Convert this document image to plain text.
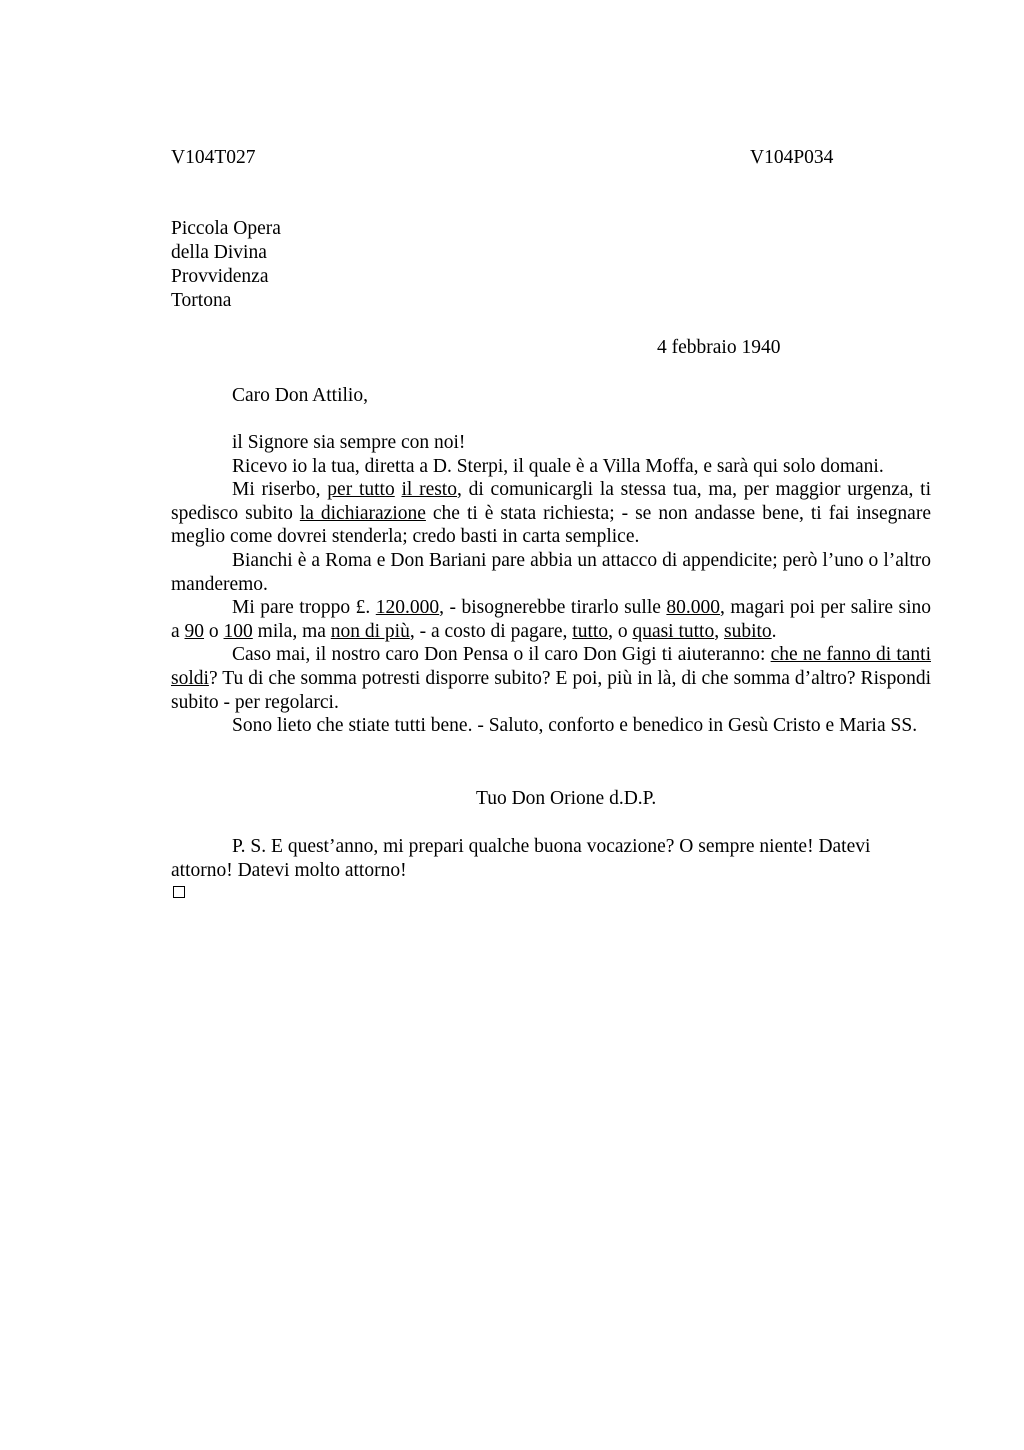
V104T027	V104P034
Piccola Opera
della Divina
Provvidenza
Tortona
4 febbraio 1940
Caro Don Attilio,

il Signore sia sempre con noi!

Ricevo io la tua, diretta a D. Sterpi, il quale è a Villa Moffa, e sarà qui solo domani.

Mi riserbo, per tutto il resto, di comunicargli la stessa tua, ma, per maggior urgenza, ti spedisco subito la dichiarazione che ti è stata richiesta; - se non andasse bene, ti fai insegnare meglio come dovrei stenderla; credo basti in carta semplice.

Bianchi è a Roma e Don Bariani pare abbia un attacco di appendicite; però l’uno o l’altro manderemo.

Mi pare troppo £. 120.000, - bisognerebbe tirarlo sulle 80.000, magari poi per salire sino a 90 o 100 mila, ma non di più, - a costo di pagare, tutto, o quasi tutto, subito.

Caso mai, il nostro caro Don Pensa o il caro Don Gigi ti aiuteranno: che ne fanno di tanti soldi? Tu di che somma potresti disporre subito? E poi, più in là, di che somma d’altro? Rispondi subito - per regolarci.

Sono lieto che stiate tutti bene. - Saluto, conforto e benedico in Gesù Cristo e Maria SS.

Tuo Don Orione d.D.P.

P. S. E quest’anno, mi prepari qualche buona vocazione? O sempre niente! Datevi attorno! Datevi molto attorno!
